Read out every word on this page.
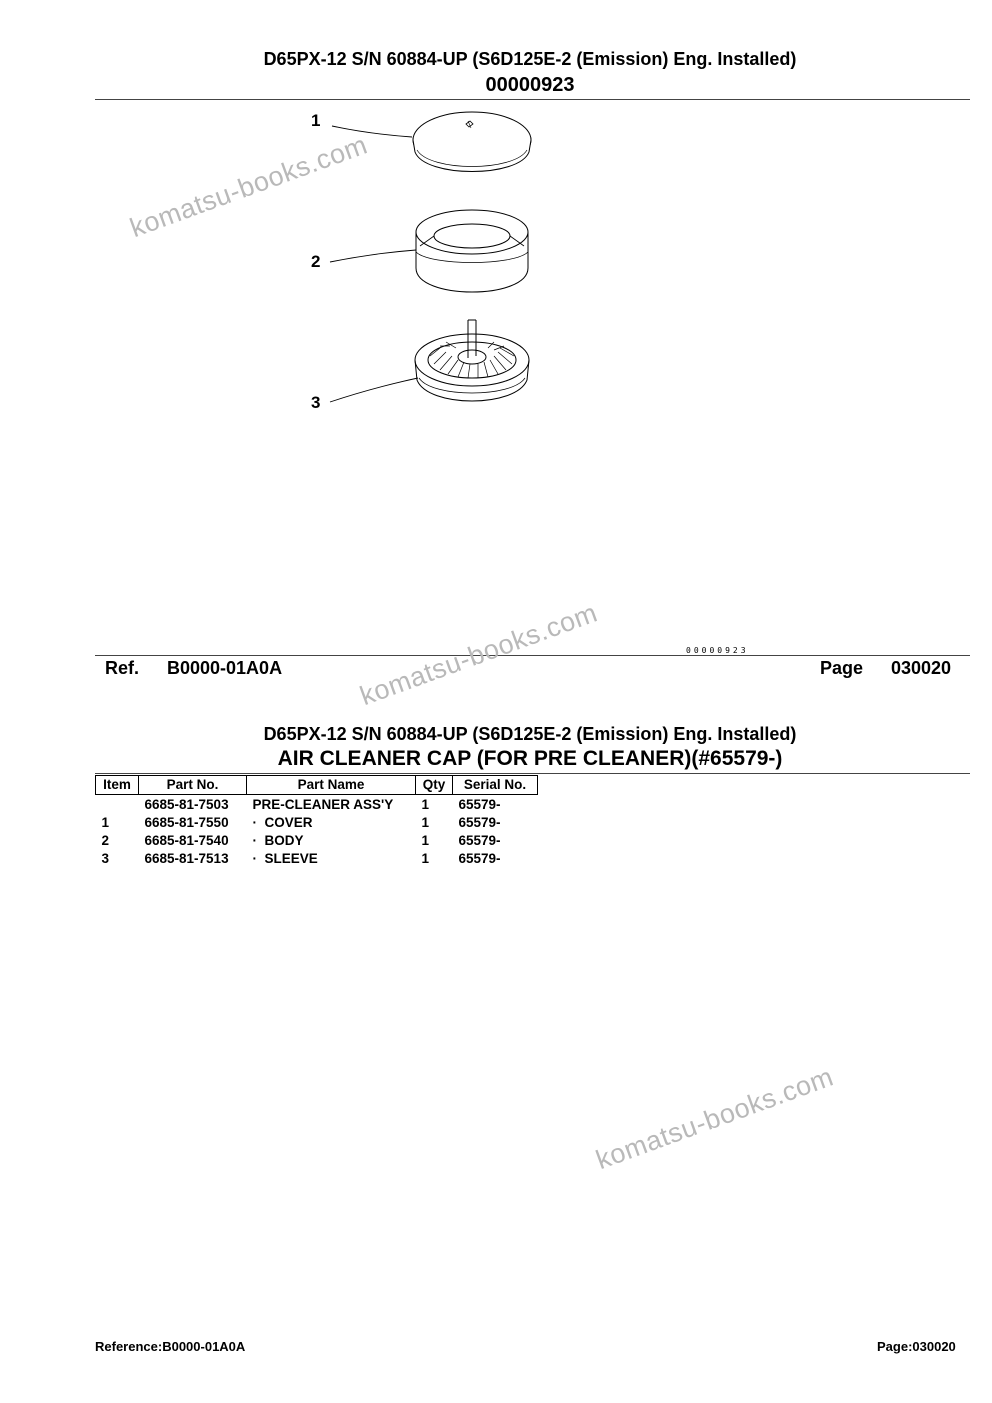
D65PX-12 S/N 60884-UP (S6D125E-2 (Emission) Eng. Installed)
00000923
1
2
3
00000923
Ref. B0000-01A0A	Page 030020
D65PX-12 S/N 60884-UP (S6D125E-2 (Emission) Eng. Installed)
AIR CLEANER CAP (FOR PRE CLEANER)(#65579-)
Item	Part No.	Part Name	Qty	Serial No.
	6685-81-7503	PRE-CLEANER ASS'Y	1	65579-
1	6685-81-7550	·  COVER	1	65579-
2	6685-81-7540	·  BODY	1	65579-
3	6685-81-7513	·  SLEEVE	1	65579-
komatsu-books.com
komatsu-books.com
komatsu-books.com
Reference:B0000-01A0A	Page:030020
